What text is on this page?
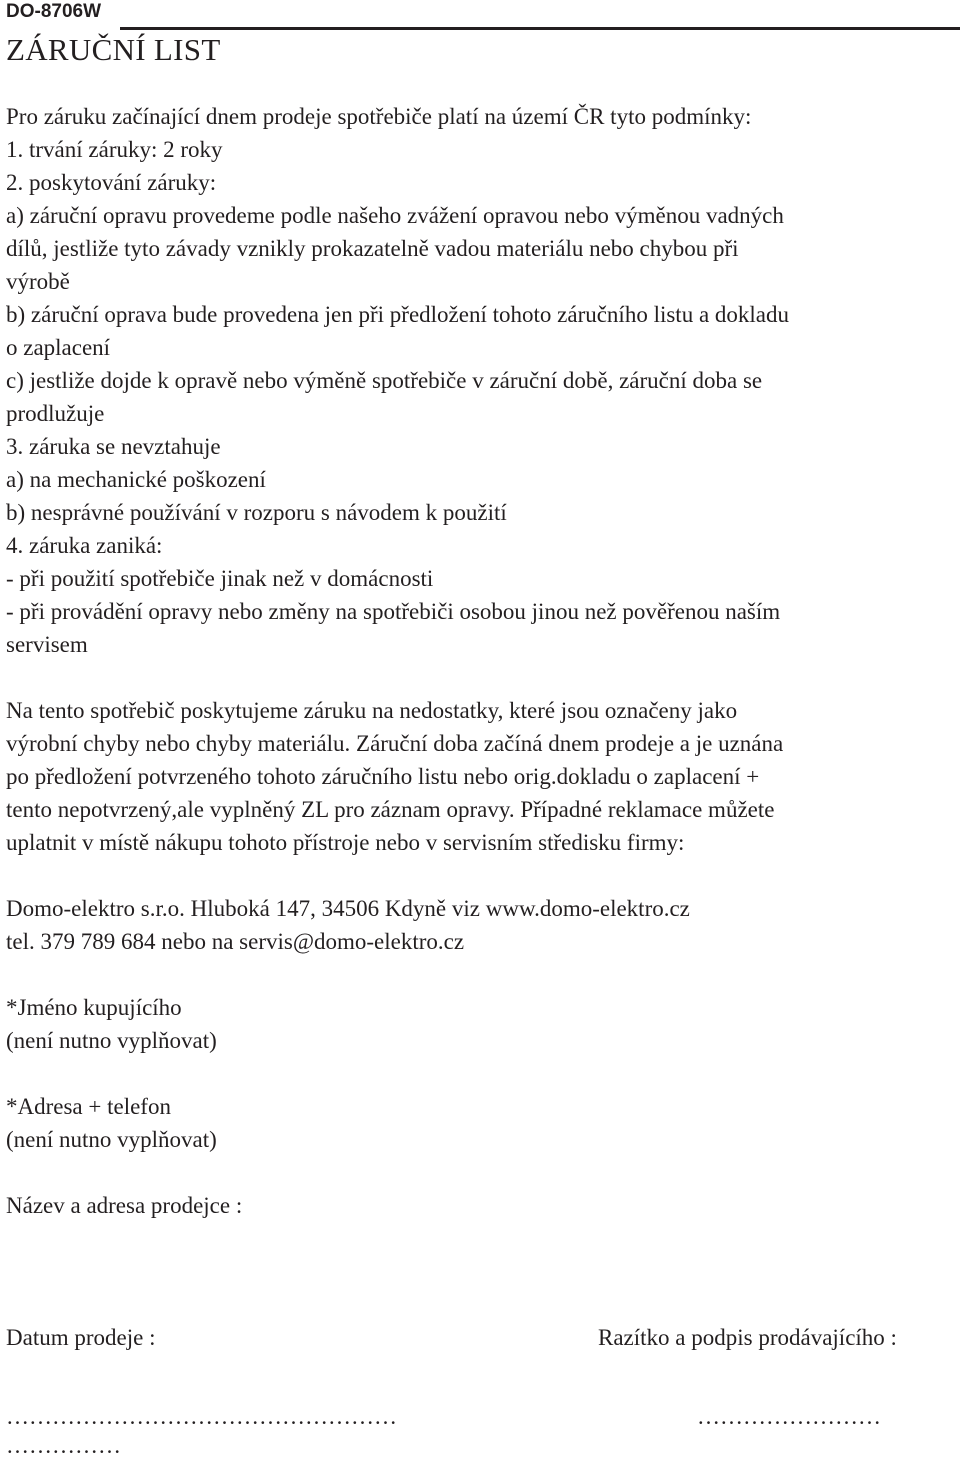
DO-8706W
ZÁRUČNÍ LIST
Pro záruku začínající dnem prodeje spotřebiče platí na území ČR tyto podmínky:
1. trvání záruky: 2 roky
2. poskytování záruky:
a) záruční opravu provedeme podle našeho zvážení opravou nebo výměnou vadných
dílů, jestliže tyto závady vznikly prokazatelně vadou materiálu nebo chybou při
výrobě
b) záruční oprava bude provedena jen při předložení tohoto záručního listu a dokladu
o zaplacení
c) jestliže dojde k opravě nebo výměně spotřebiče v záruční době, záruční doba se
prodlužuje
3. záruka se nevztahuje
a) na mechanické poškození
b) nesprávné používání v rozporu s návodem k použití
4. záruka zaniká:
- při použití spotřebiče jinak než v domácnosti
- při provádění opravy nebo změny na spotřebiči osobou jinou než pověřenou naším
servisem
Na tento spotřebič poskytujeme záruku na nedostatky, které jsou označeny jako
výrobní chyby nebo chyby materiálu. Záruční doba začíná dnem prodeje a je uznána
po předložení potvrzeného tohoto záručního listu nebo orig.dokladu o zaplacení +
tento nepotvrzený,ale vyplněný ZL pro záznam opravy. Případné reklamace můžete
uplatnit v místě nákupu tohoto přístroje nebo v servisním středisku firmy:
Domo-elektro s.r.o. Hluboká 147, 34506 Kdyně viz www.domo-elektro.cz
tel. 379 789 684 nebo na servis@domo-elektro.cz
*Jméno kupujícího
(není nutno vyplňovat)
*Adresa + telefon
(není nutno vyplňovat)
Název a adresa prodejce :
Datum prodeje :	Razítko a podpis prodávajícího :
……………………………………………	……………………
……………
